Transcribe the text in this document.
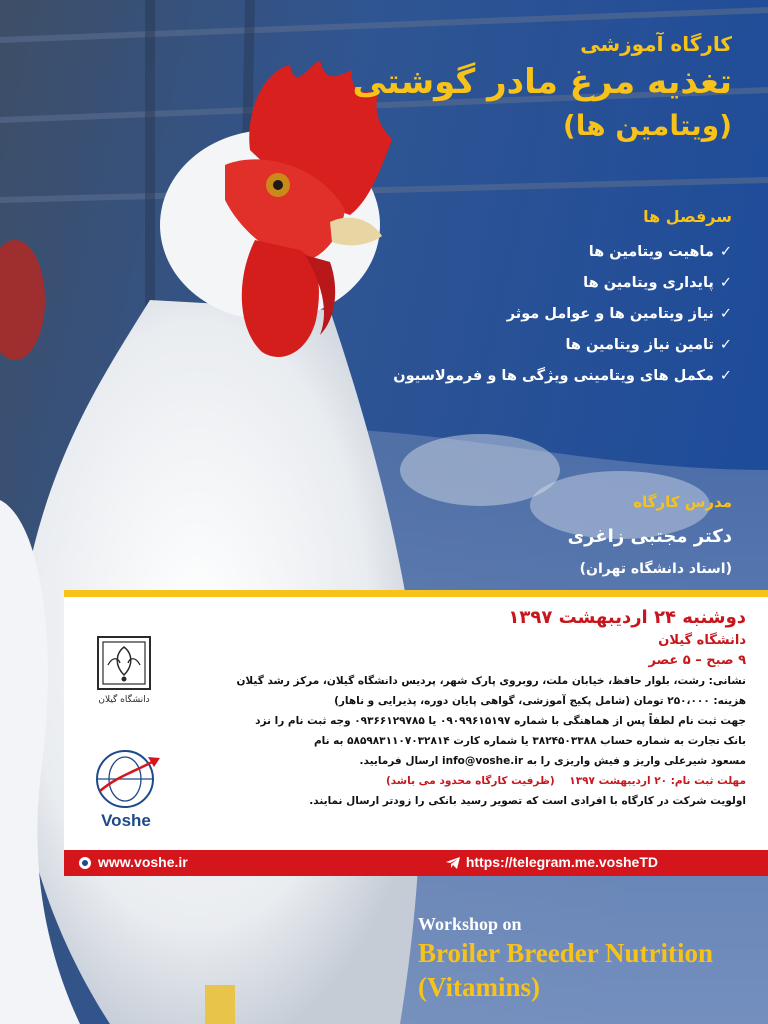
کارگاه آموزشی
تغذیه مرغ مادر گوشتی
(ویتامین ها)
سرفصل ها
✓ماهیت ویتامین ها
✓پایداری ویتامین ها
✓نیاز ویتامین ها و عوامل موثر
✓تامین نیاز ویتامین ها
✓مکمل های ویتامینی ویژگی ها و فرمولاسیون
مدرس کارگاه
دکتر مجتبی زاغری
(استاد دانشگاه تهران)
دانشگاه گیلان
Voshe
دوشنبه ۲۴ اردیبهشت ۱۳۹۷
دانشگاه گیلان
۹ صبح – ۵ عصر
نشانی: رشت، بلوار حافظ، خیابان ملت، روبروی پارک شهر، پردیس دانشگاه گیلان، مرکز رشد گیلان
هزینه: ۲۵۰،۰۰۰ تومان (شامل پکیج آموزشی، گواهی پایان دوره، پذیرایی و ناهار)
جهت ثبت نام لطفاً پس از هماهنگی با شماره ۰۹۰۹۹۶۱۵۱۹۷ یا ۰۹۳۶۶۱۲۹۷۸۵ وجه ثبت نام را نزد
بانک تجارت به شماره حساب ۳۸۲۴۵۰۳۳۸۸ یا شماره کارت ۵۸۵۹۸۳۱۱۰۷۰۳۲۸۱۴ به نام
مسعود شیرعلی واریز و فیش واریزی را به info@voshe.ir ارسال فرمایید.
مهلت ثبت نام: ۲۰ اردیبهشت ۱۳۹۷    (ظرفیت کارگاه محدود می باشد)
اولویت شرکت در کارگاه با افرادی است که تصویر رسید بانکی را زودتر ارسال نمایند.
www.voshe.ir	https://telegram.me.vosheTD
Workshop on
Broiler Breeder Nutrition
(Vitamins)
